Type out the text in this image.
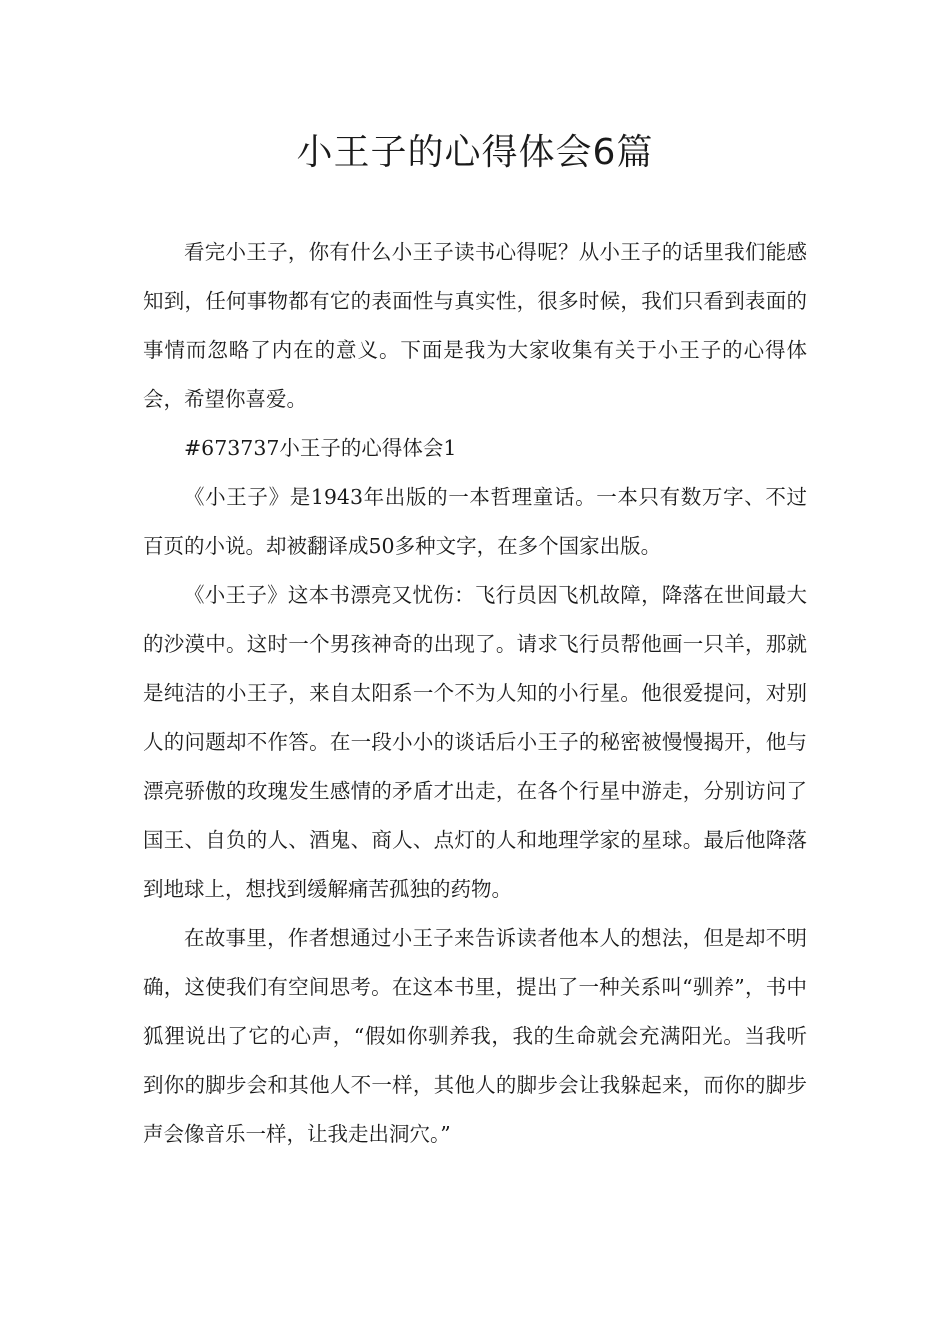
小王子的心得体会6篇

看完小王子，你有什么小王子读书心得呢？从小王子的话里我们能感知到，任何事物都有它的表面性与真实性，很多时候，我们只看到表面的事情而忽略了内在的意义。下面是我为大家收集有关于小王子的心得体会，希望你喜爱。

#673737小王子的心得体会1

《小王子》是1943年出版的一本哲理童话。一本只有数万字、不过百页的小说。却被翻译成50多种文字，在多个国家出版。

《小王子》这本书漂亮又忧伤：飞行员因飞机故障，降落在世间最大的沙漠中。这时一个男孩神奇的出现了。请求飞行员帮他画一只羊，那就是纯洁的小王子，来自太阳系一个不为人知的小行星。他很爱提问，对别人的问题却不作答。在一段小小的谈话后小王子的秘密被慢慢揭开，他与漂亮骄傲的玫瑰发生感情的矛盾才出走，在各个行星中游走，分别访问了国王、自负的人、酒鬼、商人、点灯的人和地理学家的星球。最后他降落到地球上，想找到缓解痛苦孤独的药物。

在故事里，作者想通过小王子来告诉读者他本人的想法，但是却不明确，这使我们有空间思考。在这本书里，提出了一种关系叫“驯养”，书中狐狸说出了它的心声，“假如你驯养我，我的生命就会充满阳光。当我听到你的脚步会和其他人不一样，其他人的脚步会让我躲起来，而你的脚步声会像音乐一样，让我走出洞穴。”
